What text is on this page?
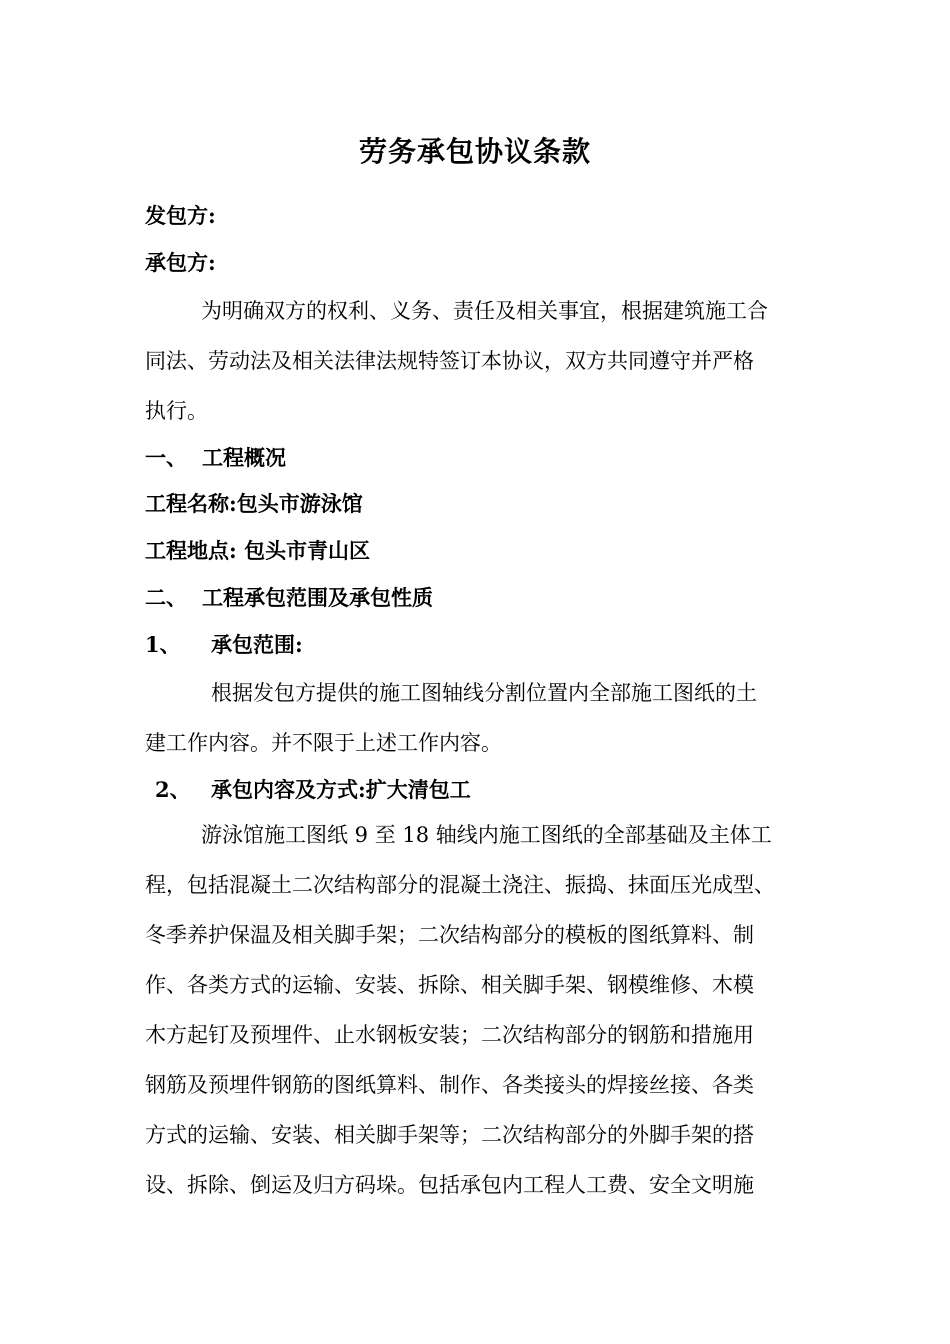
劳务承包协议条款
发包方:
承包方:
为明确双方的权利、义务、责任及相关事宜，根据建筑施工合
同法、劳动法及相关法律法规特签订本协议，双方共同遵守并严格
执行。
一、 工程概况
工程名称:包头市游泳馆
工程地点: 包头市青山区
二、 工程承包范围及承包性质
1、 承包范围:
根据发包方提供的施工图轴线分割位置内全部施工图纸的土
建工作内容。并不限于上述工作内容。
2、 承包内容及方式:扩大清包工
游泳馆施工图纸 9 至 18 轴线内施工图纸的全部基础及主体工
程，包括混凝土二次结构部分的混凝土浇注、振捣、抹面压光成型、
冬季养护保温及相关脚手架；二次结构部分的模板的图纸算料、制
作、各类方式的运输、安装、拆除、相关脚手架、钢模维修、木模
木方起钉及预埋件、止水钢板安装；二次结构部分的钢筋和措施用
钢筋及预埋件钢筋的图纸算料、制作、各类接头的焊接丝接、各类
方式的运输、安装、相关脚手架等；二次结构部分的外脚手架的搭
设、拆除、倒运及归方码垛。包括承包内工程人工费、安全文明施
